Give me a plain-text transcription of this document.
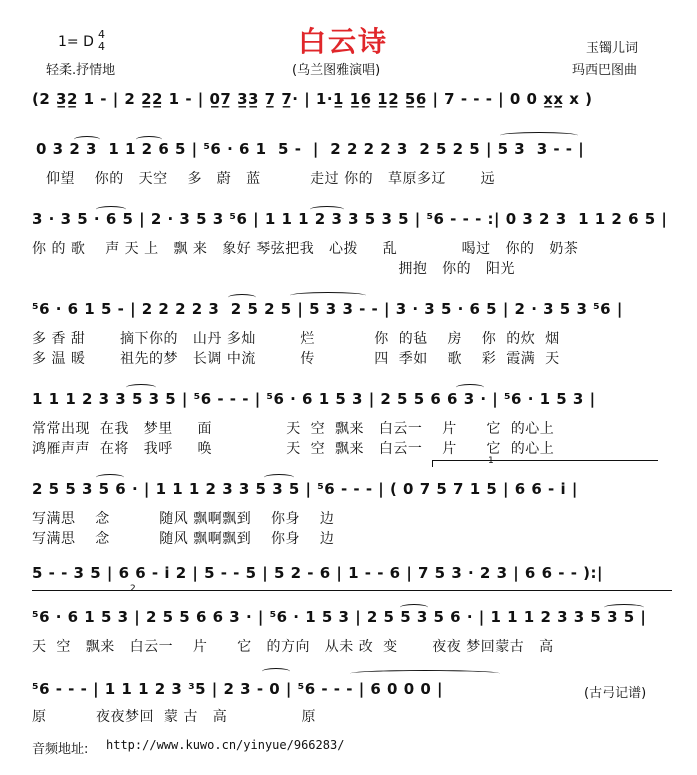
白云诗
1= D 4
4
轻柔.抒情地	(乌兰图雅演唱)
玉镯儿词
玛西巴图曲
(2 3̲2̲ 1 - | 2 2̲2̲ 1 - | 0̲7̲ 3̲3̲ 7̲ 7̲· | 1·1̲ 1̲6̲ 1̲2̲ 5̲6̲ | 7 - - - | 0 0 x̲x̲ x )
0 3 2 3  1 1 2 6 5 | ⁵6 · 6 1  5 -  |  2 2 2 2 3  2 5 2 5 | 5 3  3 - - |
仰望    你的   天空    多   蔚   蓝          走过 你的   草原多辽       远
3 · 3 5 · 6 5 | 2 · 3 5 3 ⁵6 | 1 1 1 2 3 3 5 3 5 | ⁵6 - - - :| 0 3 2 3  1 1 2 6 5 |
你 的 歌    声 天 上   飘 来   象好 琴弦把我   心拨     乱             喝过   你的   奶茶
拥抱   你的   阳光
⁵6 · 6 1 5 - | 2 2 2 2 3  2 5 2 5 | 5 3 3 - - | 3 · 3 5 · 6 5 | 2 · 3 5 3 ⁵6 |
多 香 甜       摘下你的   山丹 多灿         烂            你  的毡    房    你  的炊  烟
多 温 暖       祖先的梦   长调 中流         传            四  季如    歌    彩  霞满  天
1 1 1 2 3 3 5 3 5 | ⁵6 - - - | ⁵6 · 6 1 5 3 | 2 5 5 6 6 3 · | ⁵6 · 1 5 3 |
常常出现  在我   梦里     面               天  空  飘来   白云一    片      它  的心上
鸿雁声声  在将   我呼     唤               天  空  飘来   白云一    片      它  的心上
1
2 5 5 3 5 6 · | 1 1 1 2 3 3 5 3 5 | ⁵6 - - - | ( 0 7 5 7 1 5 | 6 6 - i |
写满思    念          随风 飘啊飘到    你身    边
写满思    念          随风 飘啊飘到    你身    边
5 - - 3 5 | 6 6 - i 2 | 5 - - 5 | 5 2 - 6 | 1 - - 6 | 7 5 3 · 2 3 | 6 6 - - ):|
2
⁵6 · 6 1 5 3 | 2 5 5 6 6 3 · | ⁵6 · 1 5 3 | 2 5 5 3 5 6 · | 1 1 1 2 3 3 5 3 5 |
天  空   飘来   白云一    片      它   的方向   从未 改  变       夜夜 梦回蒙古   高
⁵6 - - - | 1 1 1 2 3 ³5 | 2 3 - 0 | ⁵6 - - - | 6 0 0 0 |
原          夜夜梦回  蒙 古   高               原
(古弓记谱)
音频地址: http://www.kuwo.cn/yinyue/966283/
